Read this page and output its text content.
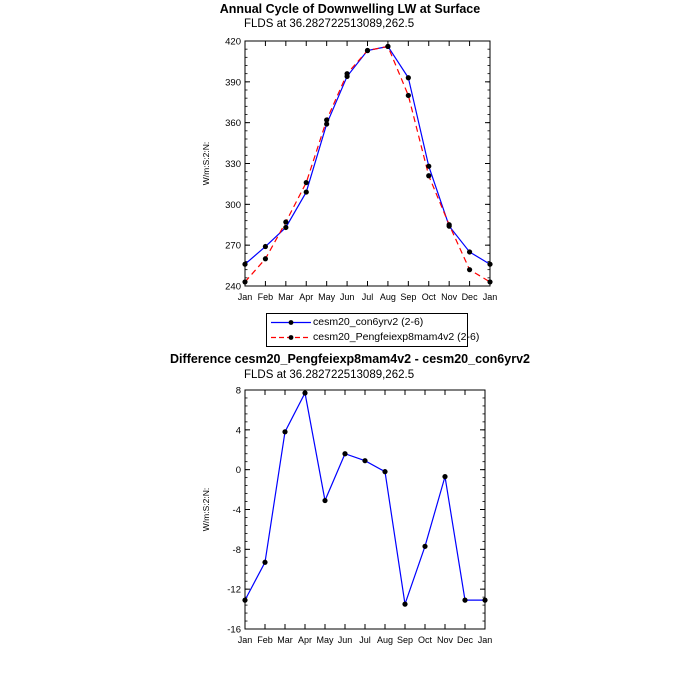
Annual Cycle of Downwelling LW at Surface
FLDS at 36.282722513089,262.5
Difference cesm20_Pengfeiexp8mam4v2 - cesm20_con6yrv2
FLDS at 36.282722513089,262.5
240
270
300
330
360
390
420
Jan Feb Mar Apr May Jun Jul Aug Sep Oct Nov Dec Jan
W/m:S:2:N:
-16
-12
-8
-4
0
4
8
Jan Feb Mar Apr May Jun Jul Aug Sep Oct Nov Dec Jan
W/m:S:2:N:
cesm20_con6yrv2 (2-6)
cesm20_Pengfeiexp8mam4v2 (2-6)
